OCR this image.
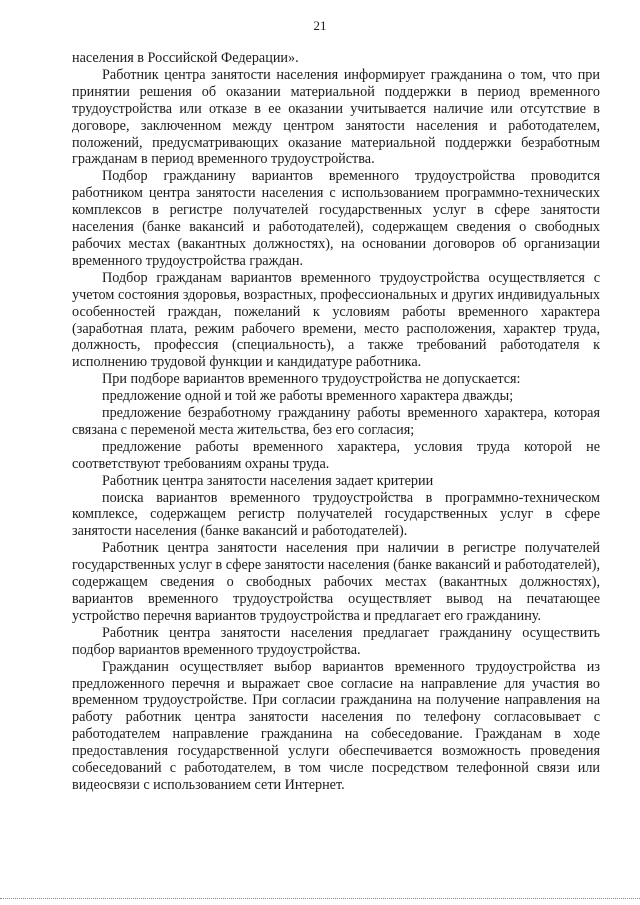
21

населения в Российской Федерации».

Работник центра занятости населения информирует гражданина о том, что при принятии решения об оказании материальной поддержки в период временного трудоустройства или отказе в ее оказании учитывается наличие или отсутствие в договоре, заключенном между центром занятости населения и работодателем, положений, предусматривающих оказание материальной поддержки безработным гражданам в период временного трудоустройства.

Подбор гражданину вариантов временного трудоустройства проводится работником центра занятости населения с использованием программно-технических комплексов в регистре получателей государственных услуг в сфере занятости населения (банке вакансий и работодателей), содержащем сведения о свободных рабочих местах (вакантных должностях), на основании договоров об организации временного трудоустройства граждан.

Подбор гражданам вариантов временного трудоустройства осуществляется с учетом состояния здоровья, возрастных, профессиональных и других индивидуальных особенностей граждан, пожеланий к условиям работы временного характера (заработная плата, режим рабочего времени, место расположения, характер труда, должность, профессия (специальность), а также требований работодателя к исполнению трудовой функции и кандидатуре работника.

При подборе вариантов временного трудоустройства не допускается:

предложение одной и той же работы временного характера дважды;

предложение безработному гражданину работы временного характера, которая связана с переменой места жительства, без его согласия;

предложение работы временного характера, условия труда которой не соответствуют требованиям охраны труда.

Работник центра занятости населения задает критерии

поиска вариантов временного трудоустройства в программно-техническом комплексе, содержащем регистр получателей государственных услуг в сфере занятости населения (банке вакансий и работодателей).

Работник центра занятости населения при наличии в регистре получателей государственных услуг в сфере занятости населения (банке вакансий и работодателей), содержащем сведения о свободных рабочих местах (вакантных должностях), вариантов временного трудоустройства осуществляет вывод на печатающее устройство перечня вариантов трудоустройства и предлагает его гражданину.

Работник центра занятости населения предлагает гражданину осуществить подбор вариантов временного трудоустройства.

Гражданин осуществляет выбор вариантов временного трудоустройства из предложенного перечня и выражает свое согласие на направление для участия во временном трудоустройстве. При согласии гражданина на получение направления на работу работник центра занятости населения по телефону согласовывает с работодателем направление гражданина на собеседование. Гражданам в ходе предоставления государственной услуги обеспечивается возможность проведения собеседований с работодателем, в том числе посредством телефонной связи или видеосвязи с использованием сети Интернет.
